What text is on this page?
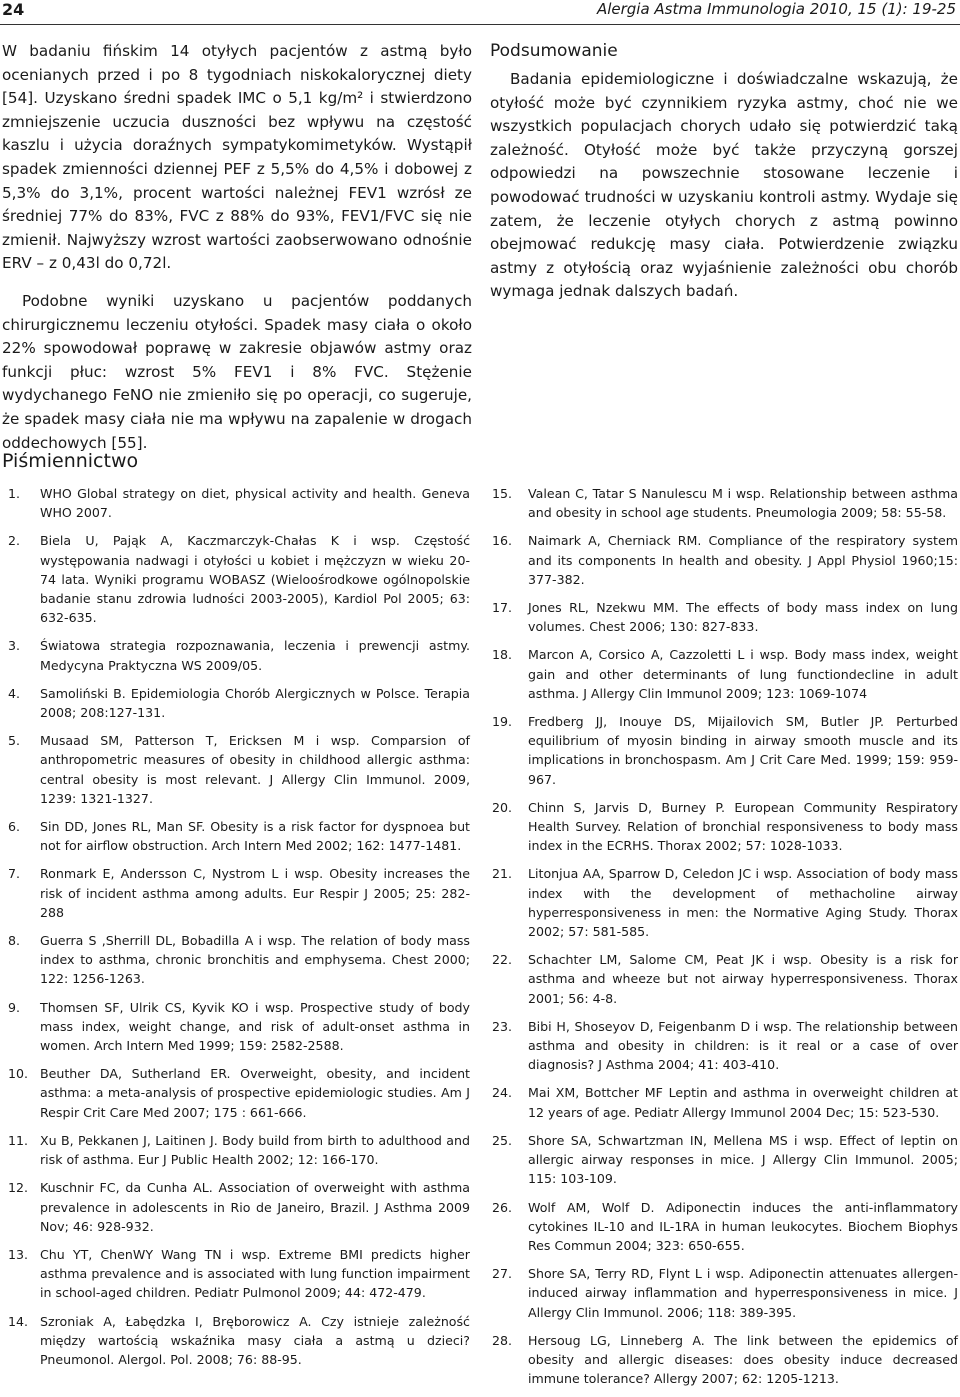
24	Alergia Astma Immunologia 2010, 15 (1): 19-25

W badaniu fińskim 14 otyłych pacjentów z astmą było ocenianych przed i po 8 tygodniach niskokalorycznej diety [54]. Uzyskano średni spadek IMC o 5,1 kg/m² i stwierdzono zmniejszenie uczucia duszności bez wpływu na częstość kaszlu i użycia doraźnych sympatykomimetyków. Wystąpił spadek zmienności dziennej PEF z 5,5% do 4,5% i dobowej z 5,3% do 3,1%, procent wartości należnej FEV1 wzrósł ze średniej 77% do 83%, FVC z 88% do 93%, FEV1/FVC się nie zmienił. Najwyższy wzrost wartości zaobserwowano odnośnie ERV – z 0,43l do 0,72l.

Podobne wyniki uzyskano u pacjentów poddanych chirurgicznemu leczeniu otyłości. Spadek masy ciała o około 22% spowodował poprawę w zakresie objawów astmy oraz funkcji płuc: wzrost 5% FEV1 i 8% FVC. Stężenie wydychanego FeNO nie zmieniło się po operacji, co sugeruje, że spadek masy ciała nie ma wpływu na zapalenie w drogach oddechowych [55].

Podsumowanie

Badania epidemiologiczne i doświadczalne wskazują, że otyłość może być czynnikiem ryzyka astmy, choć nie we wszystkich populacjach chorych udało się potwierdzić taką zależność. Otyłość może być także przyczyną gorszej odpowiedzi na powszechnie stosowane leczenie i powodować trudności w uzyskaniu kontroli astmy. Wydaje się zatem, że leczenie otyłych chorych z astmą powinno obejmować redukcję masy ciała. Potwierdzenie związku astmy z otyłością oraz wyjaśnienie zależności obu chorób wymaga jednak dalszych badań.

Piśmiennictwo
1. WHO Global strategy on diet, physical activity and health. Geneva WHO 2007.
2. Biela U, Pająk A, Kaczmarczyk-Chałas K i wsp. Częstość występowania nadwagi i otyłości u kobiet i mężczyzn w wieku 20-74 lata. Wyniki programu WOBASZ (Wieloośrodkowe ogólnopolskie badanie stanu zdrowia ludności 2003-2005), Kardiol Pol 2005; 63: 632-635.
3. Światowa strategia rozpoznawania, leczenia i prewencji astmy. Medycyna Praktyczna WS 2009/05.
4. Samoliński B. Epidemiologia Chorób Alergicznych w Polsce. Terapia 2008; 208:127-131.
5. Musaad SM, Patterson T, Ericksen M i wsp. Comparsion of anthropometric measures of obesity in childhood allergic asthma: central obesity is most relevant. J Allergy Clin Immunol. 2009, 1239: 1321-1327.
6. Sin DD, Jones RL, Man SF. Obesity is a risk factor for dyspnoea but not for airflow obstruction. Arch Intern Med 2002; 162: 1477-1481.
7. Ronmark E, Andersson C, Nystrom L i wsp. Obesity increases the risk of incident asthma among adults. Eur Respir J 2005; 25: 282-288
8. Guerra S ,Sherrill DL, Bobadilla A i wsp. The relation of body mass index to asthma, chronic bronchitis and emphysema. Chest 2000; 122: 1256-1263.
9. Thomsen SF, Ulrik CS, Kyvik KO i wsp. Prospective study of body mass index, weight change, and risk of adult-onset asthma in women. Arch Intern Med 1999; 159: 2582-2588.
10. Beuther DA, Sutherland ER. Overweight, obesity, and incident asthma: a meta-analysis of prospective epidemiologic studies. Am J Respir Crit Care Med 2007; 175 : 661-666.
11. Xu B, Pekkanen J, Laitinen J. Body build from birth to adulthood and risk of asthma. Eur J Public Health 2002; 12: 166-170.
12. Kuschnir FC, da Cunha AL. Association of overweight with asthma prevalence in adolescents in Rio de Janeiro, Brazil. J Asthma 2009 Nov; 46: 928-932.
13. Chu YT, ChenWY Wang TN i wsp. Extreme BMI predicts higher asthma prevalence and is associated with lung function impairment in school-aged children. Pediatr Pulmonol 2009; 44: 472-479.
14. Szroniak A, Łabędzka I, Bręborowicz A. Czy istnieje zależność między wartością wskaźnika masy ciała a astmą u dzieci? Pneumonol. Alergol. Pol. 2008; 76: 88-95.
15. Valean C, Tatar S Nanulescu M i wsp. Relationship between asthma and obesity in school age students. Pneumologia 2009; 58: 55-58.
16. Naimark A, Cherniack RM. Compliance of the respiratory system and its components In health and obesity. J Appl Physiol 1960;15: 377-382.
17. Jones RL, Nzekwu MM. The effects of body mass index on lung volumes. Chest 2006; 130: 827-833.
18. Marcon A, Corsico A, Cazzoletti L i wsp. Body mass index, weight gain and other determinants of lung functiondecline in adult asthma. J Allergy Clin Immunol 2009; 123: 1069-1074
19. Fredberg JJ, Inouye DS, Mijailovich SM, Butler JP. Perturbed equilibrium of myosin binding in airway smooth muscle and its implications in bronchospasm. Am J Crit Care Med. 1999; 159: 959-967.
20. Chinn S, Jarvis D, Burney P. European Community Respiratory Health Survey. Relation of bronchial responsiveness to body mass index in the ECRHS. Thorax 2002; 57: 1028-1033.
21. Litonjua AA, Sparrow D, Celedon JC i wsp. Association of body mass index with the development of methacholine airway hyperresponsiveness in men: the Normative Aging Study. Thorax 2002; 57: 581-585.
22. Schachter LM, Salome CM, Peat JK i wsp. Obesity is a risk for asthma and wheeze but not airway hyperresponsiveness. Thorax 2001; 56: 4-8.
23. Bibi H, Shoseyov D, Feigenbanm D i wsp. The relationship between asthma and obesity in children: is it real or a case of over diagnosis? J Asthma 2004; 41: 403-410.
24. Mai XM, Bottcher MF Leptin and asthma in overweight children at 12 years of age. Pediatr Allergy Immunol 2004 Dec; 15: 523-530.
25. Shore SA, Schwartzman IN, Mellena MS i wsp. Effect of leptin on allergic airway responses in mice. J Allergy Clin Immunol. 2005; 115: 103-109.
26. Wolf AM, Wolf D. Adiponectin induces the anti-inflammatory cytokines IL-10 and IL-1RA in human leukocytes. Biochem Biophys Res Commun 2004; 323: 650-655.
27. Shore SA, Terry RD, Flynt L i wsp. Adiponectin attenuates allergen-induced airway inflammation and hyperresponsiveness in mice. J Allergy Clin Immunol. 2006; 118: 389-395.
28. Hersoug LG, Linneberg A. The link between the epidemics of obesity and allergic diseases: does obesity induce decreased immune tolerance? Allergy 2007; 62: 1205-1213.
